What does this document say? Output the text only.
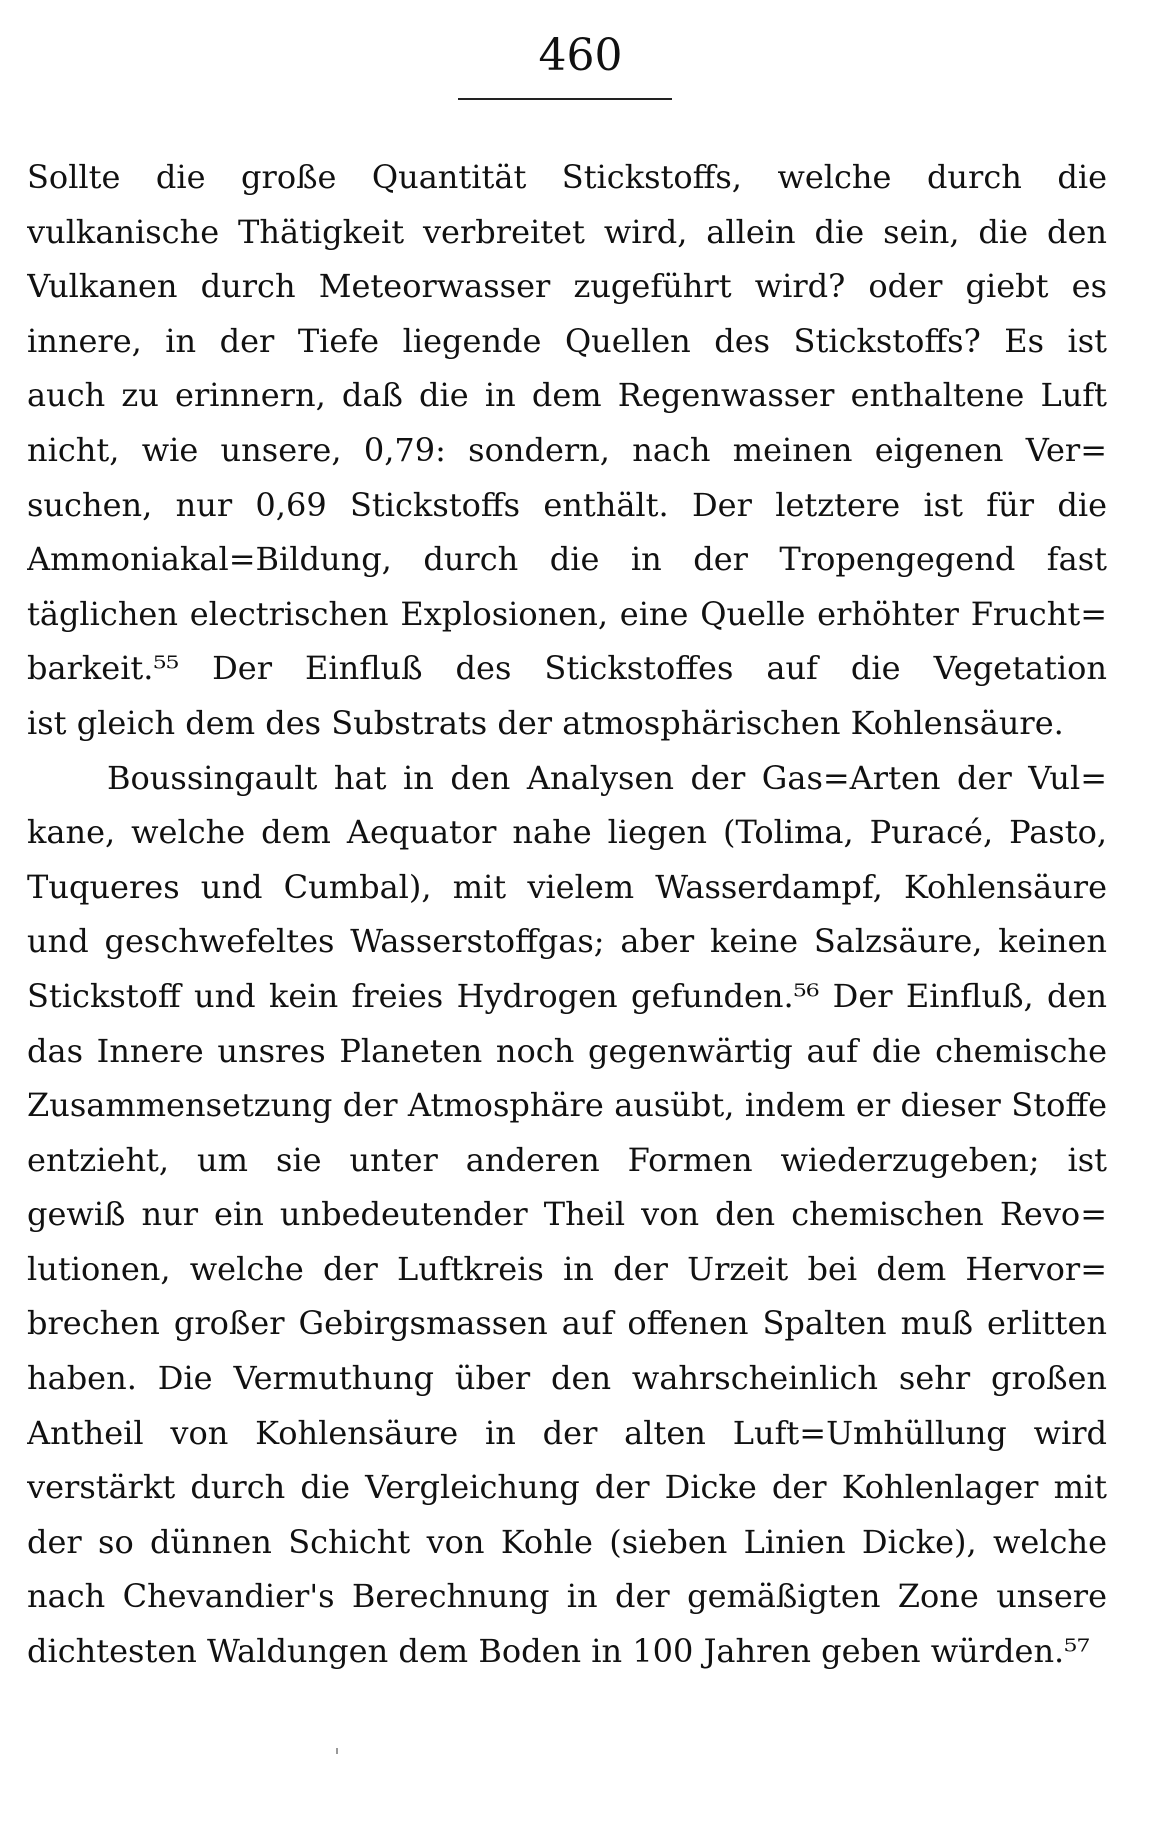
460
Sollte die große Quantität Stickstoffs, welche durch die
vulkanische Thätigkeit verbreitet wird, allein die sein, die den
Vulkanen durch Meteorwasser zugeführt wird? oder giebt es
innere, in der Tiefe liegende Quellen des Stickstoffs? Es ist
auch zu erinnern, daß die in dem Regenwasser enthaltene Luft
nicht, wie unsere, 0,79: sondern, nach meinen eigenen Ver=
suchen, nur 0,69 Stickstoffs enthält. Der letztere ist für die
Ammoniakal=Bildung, durch die in der Tropengegend fast
täglichen electrischen Explosionen, eine Quelle erhöhter Frucht=
barkeit.⁵⁵ Der Einfluß des Stickstoffes auf die Vegetation
ist gleich dem des Substrats der atmosphärischen Kohlensäure.
Boussingault hat in den Analysen der Gas=Arten der Vul=
kane, welche dem Aequator nahe liegen (Tolima, Puracé, Pasto,
Tuqueres und Cumbal), mit vielem Wasserdampf, Kohlensäure
und geschwefeltes Wasserstoffgas; aber keine Salzsäure, keinen
Stickstoff und kein freies Hydrogen gefunden.⁵⁶ Der Einfluß, den
das Innere unsres Planeten noch gegenwärtig auf die chemische
Zusammensetzung der Atmosphäre ausübt, indem er dieser Stoffe
entzieht, um sie unter anderen Formen wiederzugeben; ist
gewiß nur ein unbedeutender Theil von den chemischen Revo=
lutionen, welche der Luftkreis in der Urzeit bei dem Hervor=
brechen großer Gebirgsmassen auf offenen Spalten muß erlitten
haben. Die Vermuthung über den wahrscheinlich sehr großen
Antheil von Kohlensäure in der alten Luft=Umhüllung wird
verstärkt durch die Vergleichung der Dicke der Kohlenlager mit
der so dünnen Schicht von Kohle (sieben Linien Dicke), welche
nach Chevandier's Berechnung in der gemäßigten Zone unsere
dichtesten Waldungen dem Boden in 100 Jahren geben würden.⁵⁷
